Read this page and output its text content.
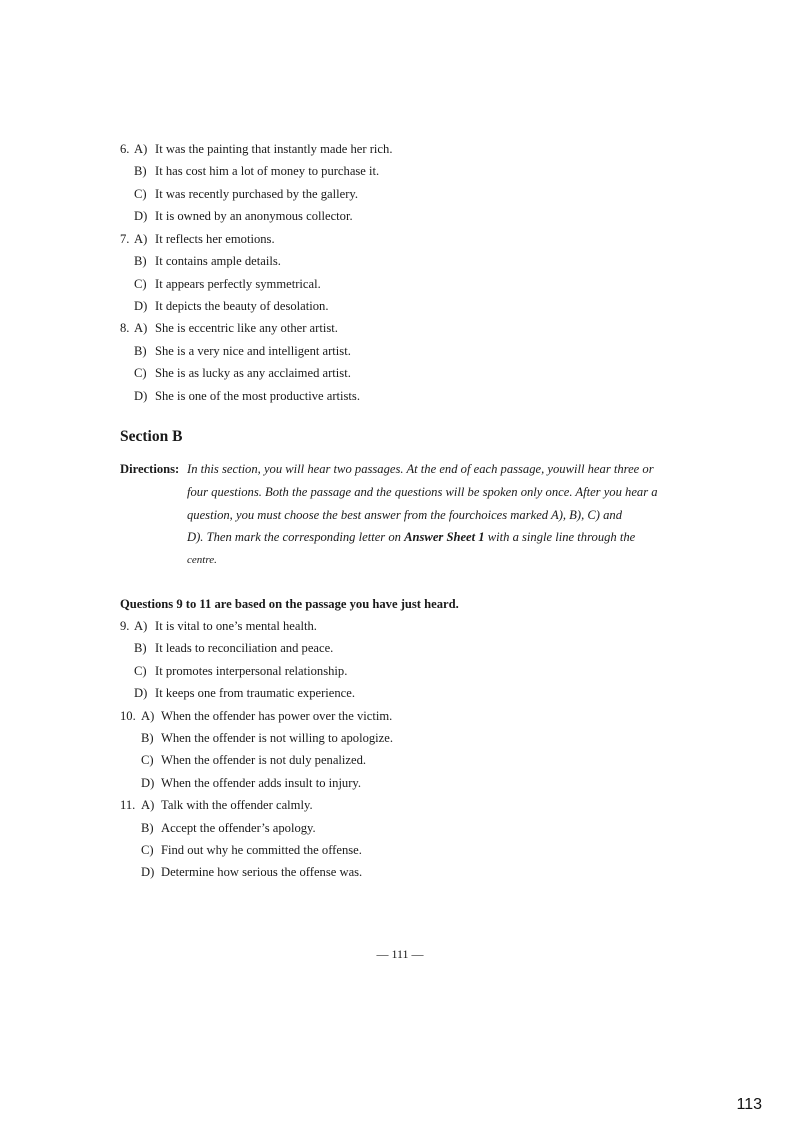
6. A) It was the painting that instantly made her rich.
B) It has cost him a lot of money to purchase it.
C) It was recently purchased by the gallery.
D) It is owned by an anonymous collector.
7. A) It reflects her emotions.
B) It contains ample details.
C) It appears perfectly symmetrical.
D) It depicts the beauty of desolation.
8. A) She is eccentric like any other artist.
B) She is a very nice and intelligent artist.
C) She is as lucky as any acclaimed artist.
D) She is one of the most productive artists.
Section B
Directions: In this section, you will hear two passages. At the end of each passage, youwill hear three or
four questions. Both the passage and the questions will be spoken only once. After you hear a
question, you must choose the best answer from the fourchoices marked A), B), C) and
D). Then mark the corresponding letter on Answer Sheet 1 with a single line through the
centre.
Questions 9 to 11 are based on the passage you have just heard.
9. A) It is vital to one’s mental health.
B) It leads to reconciliation and peace.
C) It promotes interpersonal relationship.
D) It keeps one from traumatic experience.
10. A) When the offender has power over the victim.
B) When the offender is not willing to apologize.
C) When the offender is not duly penalized.
D) When the offender adds insult to injury.
11. A) Talk with the offender calmly.
B) Accept the offender’s apology.
C) Find out why he committed the offense.
D) Determine how serious the offense was.
— 111 —
113
